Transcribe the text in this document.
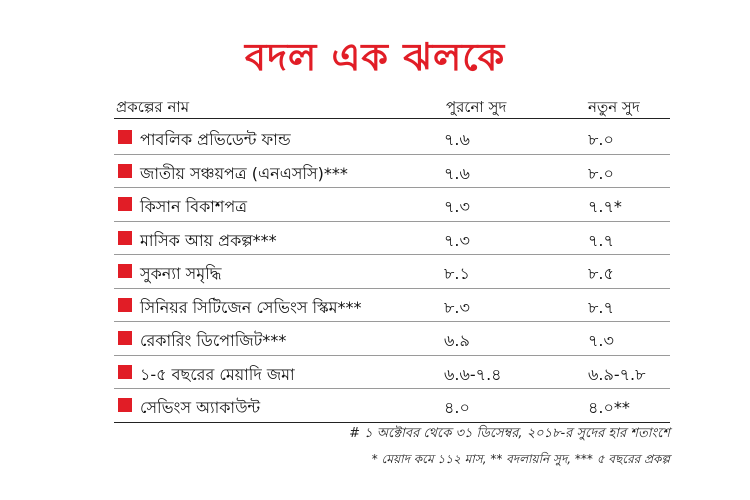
বদল এক ঝলকে
প্রকল্পের নাম	পুরনো সুদ	নতুন সুদ
পাবলিক প্রভিডেন্ট ফান্ড	৭.৬	৮.০
জাতীয় সঞ্চয়পত্র (এনএসসি)***	৭.৬	৮.০
কিসান বিকাশপত্র	৭.৩	৭.৭*
মাসিক আয় প্রকল্প***	৭.৩	৭.৭
সুকন্যা সমৃদ্ধি	৮.১	৮.৫
সিনিয়র সিটিজেন সেভিংস স্কিম***	৮.৩	৮.৭
রেকারিং ডিপোজিট***	৬.৯	৭.৩
১-৫ বছরের মেয়াদি জমা	৬.৬-৭.৪	৬.৯-৭.৮
সেভিংস অ্যাকাউন্ট	৪.০	৪.০**
# ১ অক্টোবর থেকে ৩১ ডিসেম্বর, ২০১৮-র সুদের হার শতাংশে
* মেয়াদ কমে ১১২ মাস, ** বদলায়নি সুদ, *** ৫ বছরের প্রকল্প
